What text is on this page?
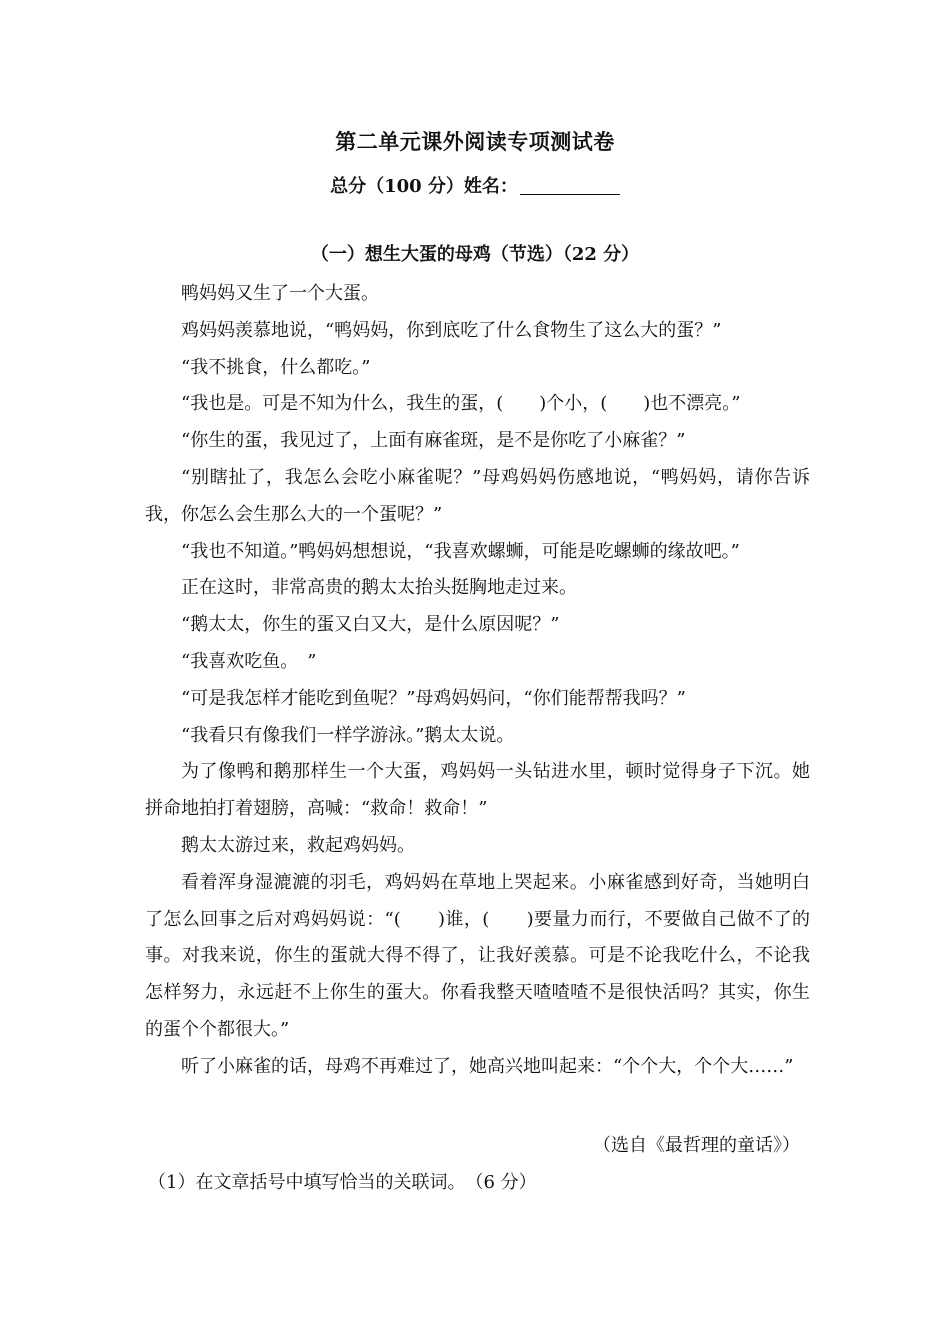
第二单元课外阅读专项测试卷
总分（100 分）姓名：
（一）想生大蛋的母鸡（节选）（22 分）

鸭妈妈又生了一个大蛋。

鸡妈妈羡慕地说，“鸭妈妈，你到底吃了什么食物生了这么大的蛋？”

“我不挑食，什么都吃。”

“我也是。可是不知为什么，我生的蛋，(　　)个小，(　　)也不漂亮。”

“你生的蛋，我见过了，上面有麻雀斑，是不是你吃了小麻雀？”

“别瞎扯了，我怎么会吃小麻雀呢？”母鸡妈妈伤感地说，“鸭妈妈，请你告诉我，你怎么会生那么大的一个蛋呢？”

“我也不知道。”鸭妈妈想想说，“我喜欢螺蛳，可能是吃螺蛳的缘故吧。”

正在这时，非常高贵的鹅太太抬头挺胸地走过来。

“鹅太太，你生的蛋又白又大，是什么原因呢？”

“我喜欢吃鱼。　”

“可是我怎样才能吃到鱼呢？”母鸡妈妈问，“你们能帮帮我吗？”

“我看只有像我们一样学游泳。”鹅太太说。

为了像鸭和鹅那样生一个大蛋，鸡妈妈一头钻进水里，顿时觉得身子下沉。她拼命地拍打着翅膀，高喊：“救命！救命！”

鹅太太游过来，救起鸡妈妈。

看着浑身湿漉漉的羽毛，鸡妈妈在草地上哭起来。小麻雀感到好奇，当她明白了怎么回事之后对鸡妈妈说：“(　　)谁，(　　)要量力而行，不要做自己做不了的事。对我来说，你生的蛋就大得不得了，让我好羡慕。可是不论我吃什么，不论我怎样努力，永远赶不上你生的蛋大。你看我整天喳喳喳不是很快活吗？其实，你生的蛋个个都很大。”

听了小麻雀的话，母鸡不再难过了，她高兴地叫起来：“个个大，个个大……”

（选自《最哲理的童话》）
（1）在文章括号中填写恰当的关联词。　（6 分）
